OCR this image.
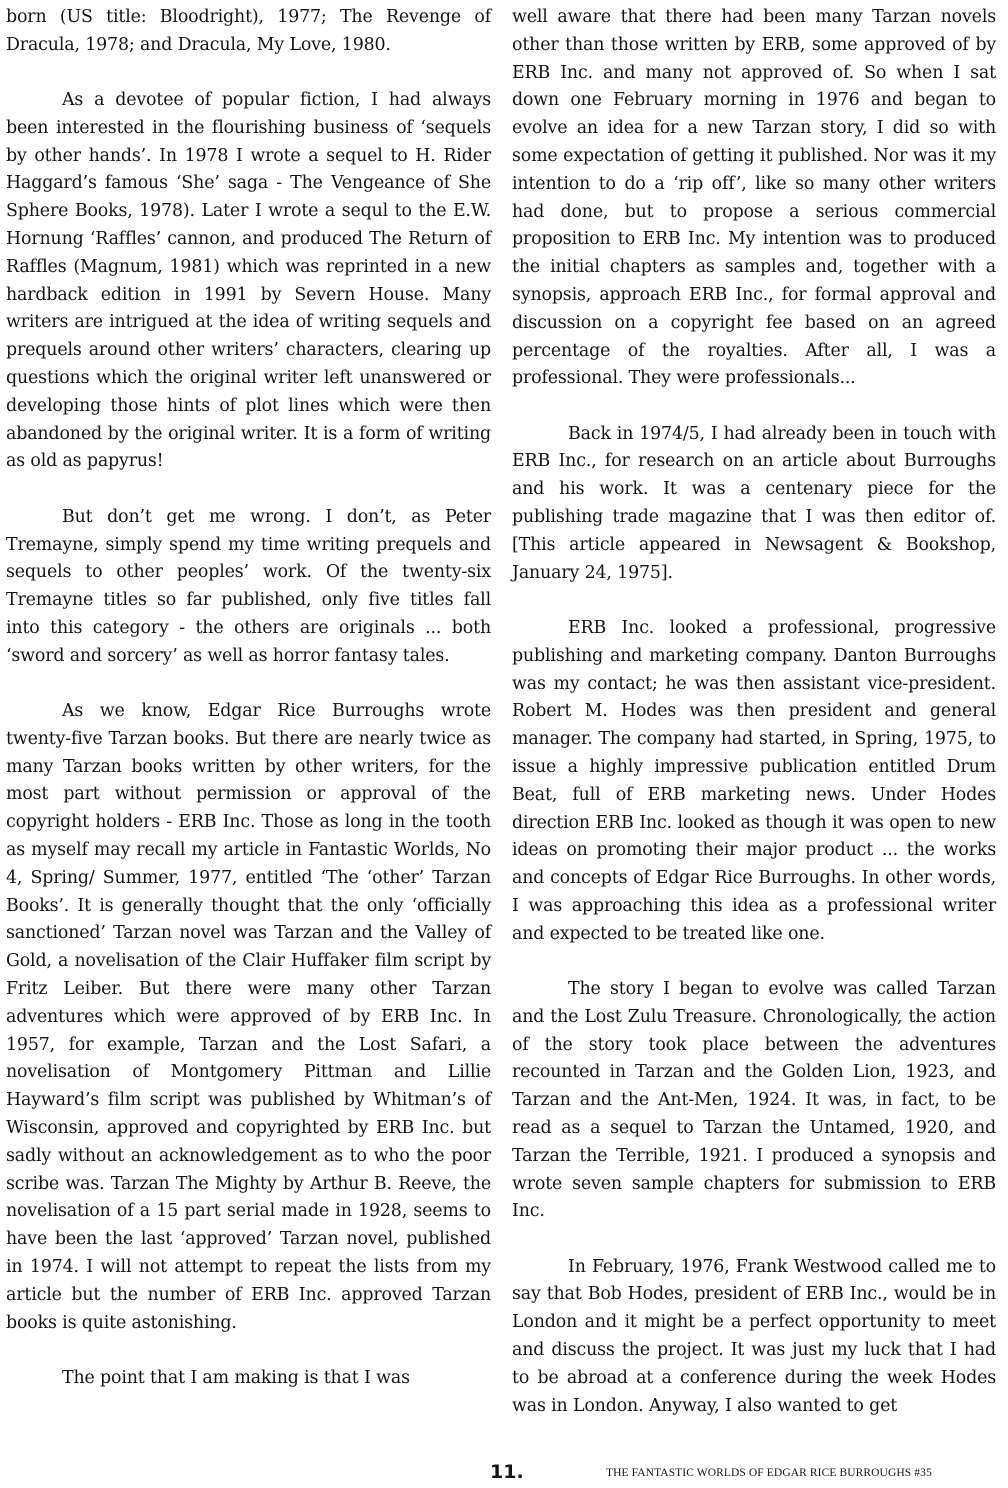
born (US title: Bloodright), 1977; The Revenge of Dracula, 1978; and Dracula, My Love, 1980.

As a devotee of popular fiction, I had always been interested in the flourishing business of ‘sequels by other hands’. In 1978 I wrote a sequel to H. Rider Haggard’s famous ‘She’ saga - The Vengeance of She Sphere Books, 1978). Later I wrote a sequl to the E.W. Hornung ‘Raffles’ cannon, and produced The Return of Raffles (Magnum, 1981) which was reprinted in a new hardback edition in 1991 by Severn House. Many writers are intrigued at the idea of writing sequels and prequels around other writers’ characters, clearing up questions which the original writer left unanswered or developing those hints of plot lines which were then abandoned by the original writer. It is a form of writing as old as papyrus!

But don’t get me wrong. I don’t, as Peter Tremayne, simply spend my time writing prequels and sequels to other peoples’ work. Of the twenty-six Tremayne titles so far published, only five titles fall into this category - the others are originals ... both ‘sword and sorcery’ as well as horror fantasy tales.

As we know, Edgar Rice Burroughs wrote twenty-five Tarzan books. But there are nearly twice as many Tarzan books written by other writers, for the most part without permission or approval of the copyright holders - ERB Inc. Those as long in the tooth as myself may recall my article in Fantastic Worlds, No 4, Spring/ Summer, 1977, entitled ‘The ‘other’ Tarzan Books’. It is generally thought that the only ‘officially sanctioned’ Tarzan novel was Tarzan and the Valley of Gold, a novelisation of the Clair Huffaker film script by Fritz Leiber. But there were many other Tarzan adventures which were approved of by ERB Inc. In 1957, for example, Tarzan and the Lost Safari, a novelisation of Montgomery Pittman and Lillie Hayward’s film script was published by Whitman’s of Wisconsin, approved and copyrighted by ERB Inc. but sadly without an acknowledgement as to who the poor scribe was. Tarzan The Mighty by Arthur B. Reeve, the novelisation of a 15 part serial made in 1928, seems to have been the last ‘approved’ Tarzan novel, published in 1974. I will not attempt to repeat the lists from my article but the number of ERB Inc. approved Tarzan books is quite astonishing.

The point that I am making is that I was

well aware that there had been many Tarzan novels other than those written by ERB, some approved of by ERB Inc. and many not approved of. So when I sat down one February morning in 1976 and began to evolve an idea for a new Tarzan story, I did so with some expectation of getting it published. Nor was it my intention to do a ‘rip off’, like so many other writers had done, but to propose a serious commercial proposition to ERB Inc. My intention was to produced the initial chapters as samples and, together with a synopsis, approach ERB Inc., for formal approval and discussion on a copyright fee based on an agreed percentage of the royalties. After all, I was a professional. They were professionals...

Back in 1974/5, I had already been in touch with ERB Inc., for research on an article about Burroughs and his work. It was a centenary piece for the publishing trade magazine that I was then editor of. [This article appeared in Newsagent & Bookshop, January 24, 1975].

ERB Inc. looked a professional, progressive publishing and marketing company. Danton Burroughs was my contact; he was then assistant vice-president. Robert M. Hodes was then president and general manager. The company had started, in Spring, 1975, to issue a highly impressive publication entitled Drum Beat, full of ERB marketing news. Under Hodes direction ERB Inc. looked as though it was open to new ideas on promoting their major product ... the works and concepts of Edgar Rice Burroughs. In other words, I was approaching this idea as a professional writer and expected to be treated like one.

The story I began to evolve was called Tarzan and the Lost Zulu Treasure. Chronologically, the action of the story took place between the adventures recounted in Tarzan and the Golden Lion, 1923, and Tarzan and the Ant-Men, 1924. It was, in fact, to be read as a sequel to Tarzan the Untamed, 1920, and Tarzan the Terrible, 1921. I produced a synopsis and wrote seven sample chapters for submission to ERB Inc.

In February, 1976, Frank Westwood called me to say that Bob Hodes, president of ERB Inc., would be in London and it might be a perfect opportunity to meet and discuss the project. It was just my luck that I had to be abroad at a conference during the week Hodes was in London. Anyway, I also wanted to get

11.	THE FANTASTIC WORLDS OF EDGAR RICE BURROUGHS #35
